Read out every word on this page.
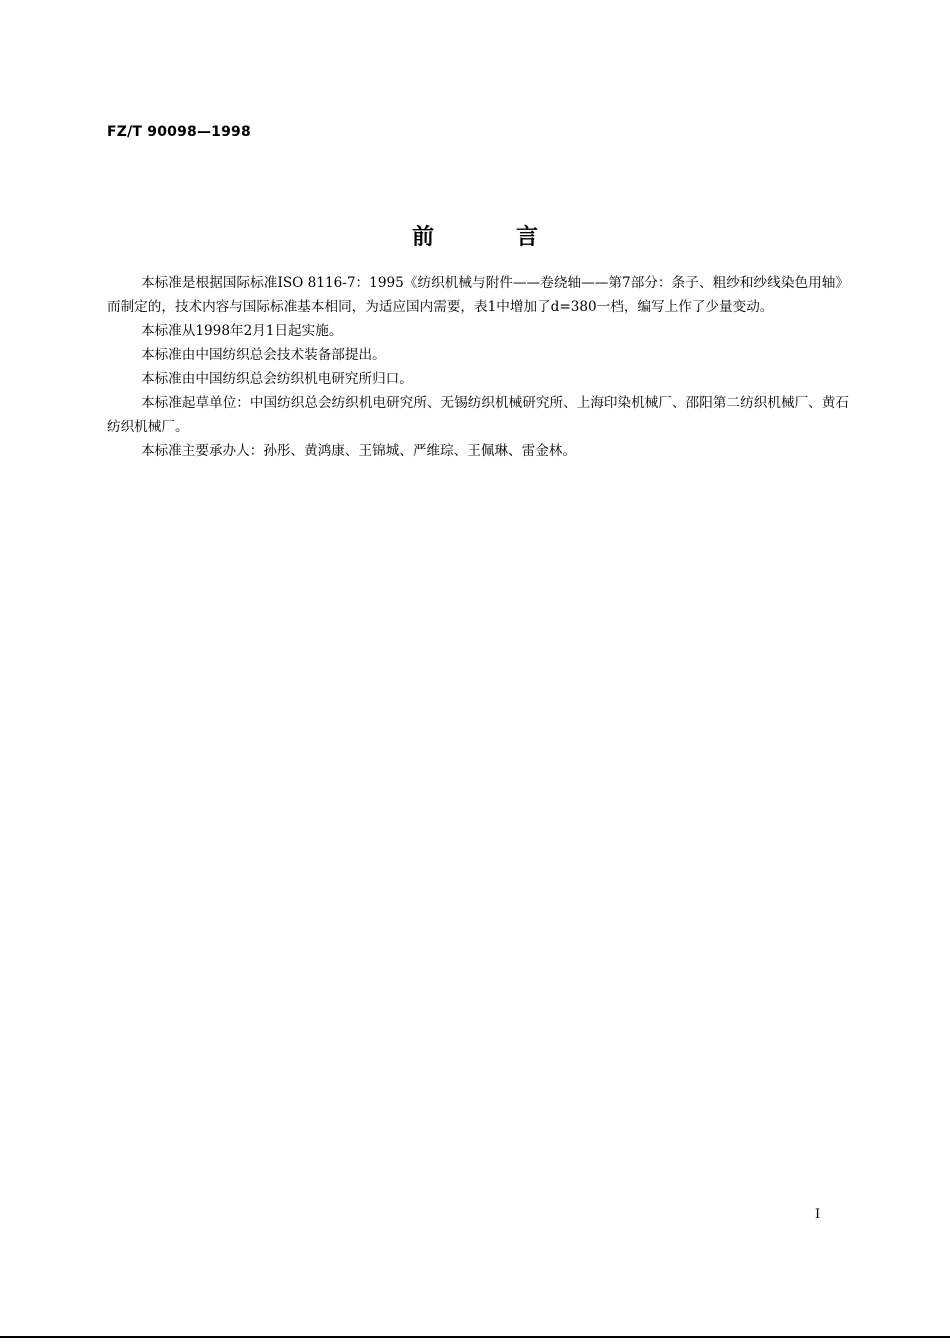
FZ/T 90098—1998
前	言

本标准是根据国际标准ISO 8116-7：1995《纺织机械与附件——卷绕轴——第7部分：条子、粗纱和纱线染色用轴》而制定的，技术内容与国际标准基本相同，为适应国内需要，表1中增加了d=380一档，编写上作了少量变动。

本标准从1998年2月1日起实施。

本标准由中国纺织总会技术装备部提出。

本标准由中国纺织总会纺织机电研究所归口。

本标准起草单位：中国纺织总会纺织机电研究所、无锡纺织机械研究所、上海印染机械厂、邵阳第二纺织机械厂、黄石纺织机械厂。

本标准主要承办人：孙彤、黄鸿康、王锦城、严维琮、王佩琳、雷金林。

I
